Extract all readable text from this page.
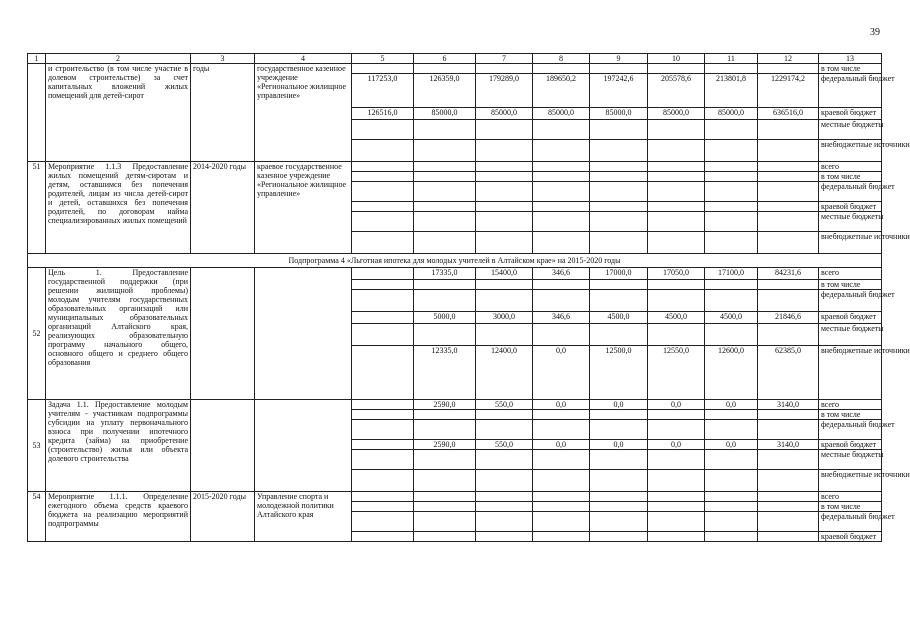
39
1	2	3	4	5	6	7	8	9	10	11	12	13
	и строительство (в том числе участие в долевом строительстве) за счет капитальных вложений жилых помещений для детей-сирот	годы	государственное казенное учреждение «Региональное жилищное управление»									в том числе
				117253,0	126359,0	179289,0	189650,2	197242,6	205578,6	213801,8	1229174,2	федеральный бюджет
				126516,0	85000,0	85000,0	85000,0	85000,0	85000,0	85000,0	636516,0	краевой бюджет
												местные бюджеты
												внебюджетные источники
51	Мероприятие 1.1.3 Предоставление жилых помещений детям-сиротам и детям, оставшимся без попечения родителей, лицам из числа детей-сирот и детей, оставшихся без попечения родителей, по договорам найма специализированных жилых помещений	2014-2020 годы	краевое государственное казенное учреждение «Региональное жилищное управление»									всего
												в том числе
												федеральный бюджет
												краевой бюджет
												местные бюджеты
												внебюджетные источники
Подпрограмма 4 «Льготная ипотека для молодых учителей в Алтайском крае» на 2015-2020 годы												
52	Цель 1. Предоставление государственной поддержки (при решении жилищной проблемы) молодым учителям государственных образовательных организаций или муниципальных образовательных организаций Алтайского края, реализующих образовательную программу начального общего, основного общего и среднего общего образования				17335,0	15400,0	346,6	17000,0	17050,0	17100,0	84231,6	всего
												в том числе
												федеральный бюджет
					5000,0	3000,0	346,6	4500,0	4500,0	4500,0	21846,6	краевой бюджет
												местные бюджеты
					12335,0	12400,0	0,0	12500,0	12550,0	12600,0	62385,0	внебюджетные источники
53	Задача 1.1. Предоставление молодым учителям - участникам подпрограммы субсидии на уплату первоначального взноса при получении ипотечного кредита (займа) на приобретение (строительство) жилья или объекта долевого строительства				2590,0	550,0	0,0	0,0	0,0	0,0	3140,0	всего
												в том числе
												федеральный бюджет
					2590,0	550,0	0,0	0,0	0,0	0,0	3140,0	краевой бюджет
												местные бюджеты
												внебюджетные источники
54	Мероприятие 1.1.1. Определение ежегодного объема средств краевого бюджета на реализацию мероприятий подпрограммы	2015-2020 годы	Управление спорта и молодежной политики Алтайского края									всего
												в том числе
												федеральный бюджет
												краевой бюджет
